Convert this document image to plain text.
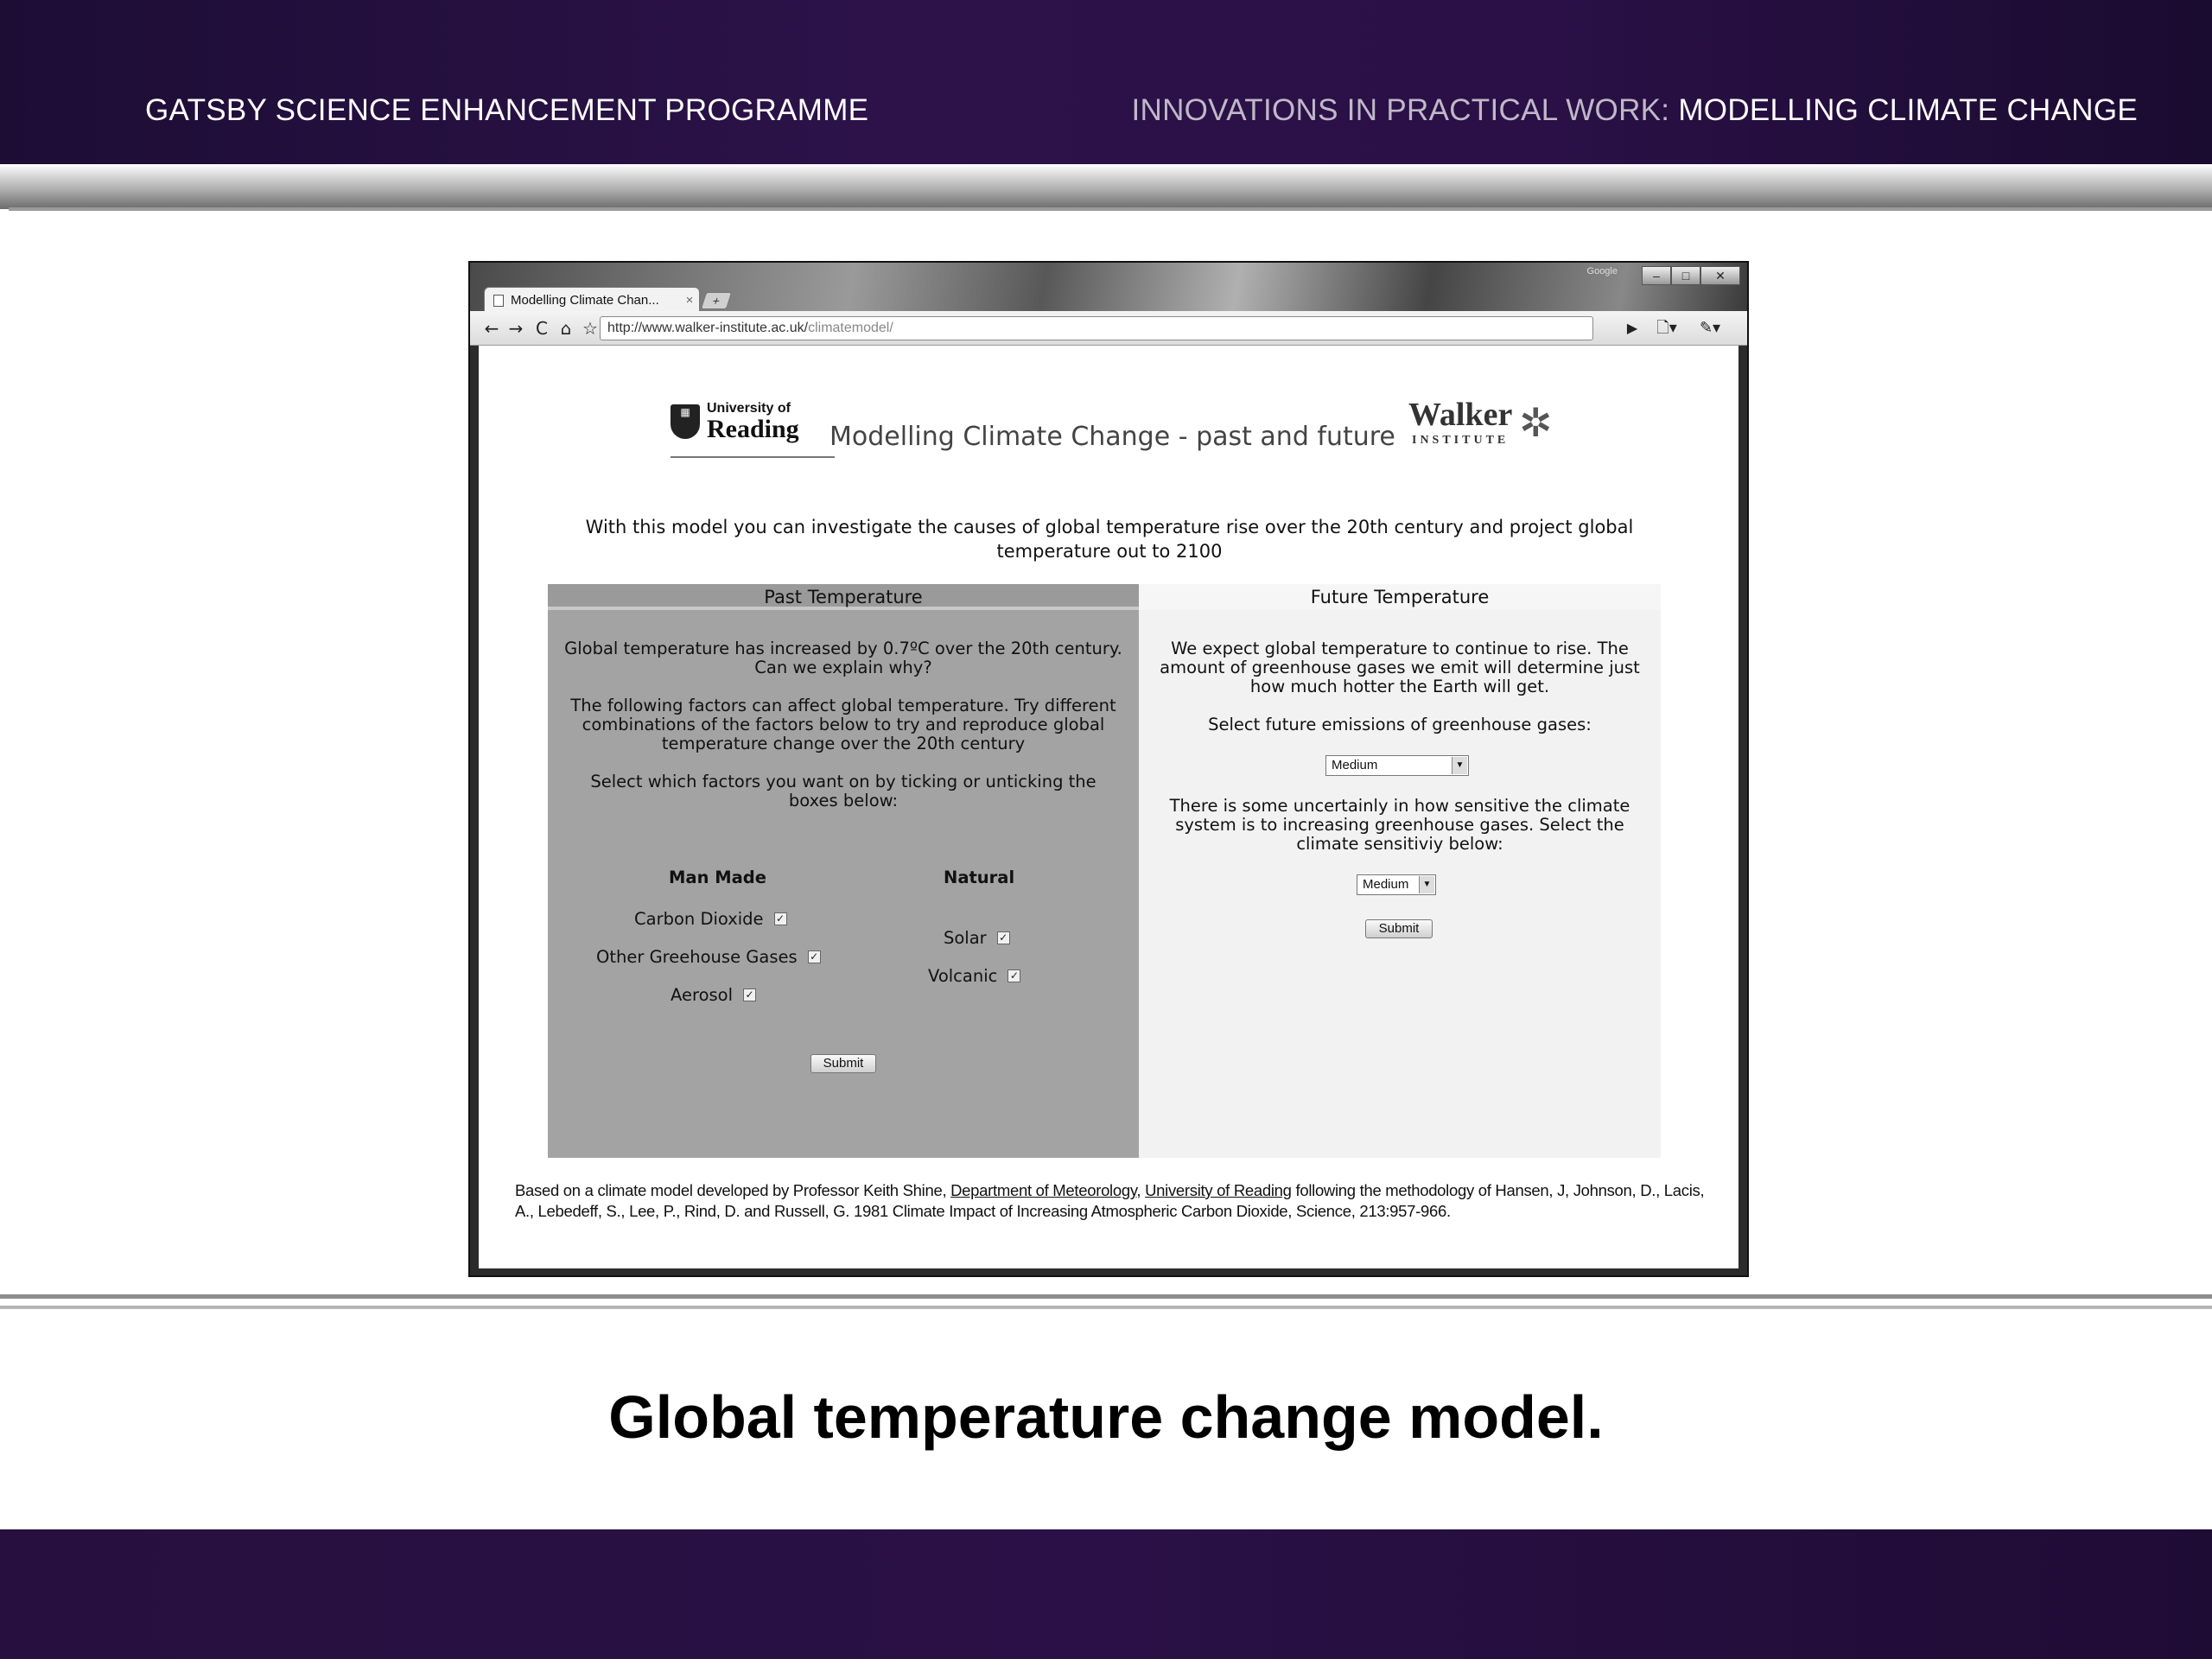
GATSBY SCIENCE ENHANCEMENT PROGRAMME	INNOVATIONS IN PRACTICAL WORK: MODELLING CLIMATE CHANGE
Modelling Climate Chan...	×	+
Google	–	□	✕
← → C ⌂ ☆ http://www.walker-institute.ac.uk/climatemodel/	▶	🗋▾ ✎▾
▦	University of
Reading Modelling Climate Change - past and future
Walker
INSTITUTE ✲
With this model you can investigate the causes of global temperature rise over the 20th century and project global temperature out to 2100
Past Temperature
Global temperature has increased by 0.7ºC over the 20th century. Can we explain why?
The following factors can affect global temperature. Try different combinations of the factors below to try and reproduce global temperature change over the 20th century
Select which factors you want on by ticking or unticking the boxes below:
Man Made	Natural
Carbon Dioxide ✓
Other Greehouse Gases ✓
Aerosol ✓
Solar ✓
Volcanic ✓
Submit
Future Temperature
We expect global temperature to continue to rise. The amount of greenhouse gases we emit will determine just how much hotter the Earth will get.
Select future emissions of greenhouse gases:
Medium	▼
There is some uncertainly in how sensitive the climate system is to increasing greenhouse gases. Select the climate sensitiviy below:
Medium	▼
Submit
Based on a climate model developed by Professor Keith Shine, Department of Meteorology, University of Reading following the methodology of Hansen, J, Johnson, D., Lacis, A., Lebedeff, S., Lee, P., Rind, D. and Russell, G. 1981 Climate Impact of Increasing Atmospheric Carbon Dioxide, Science, 213:957-966.
Global temperature change model.
